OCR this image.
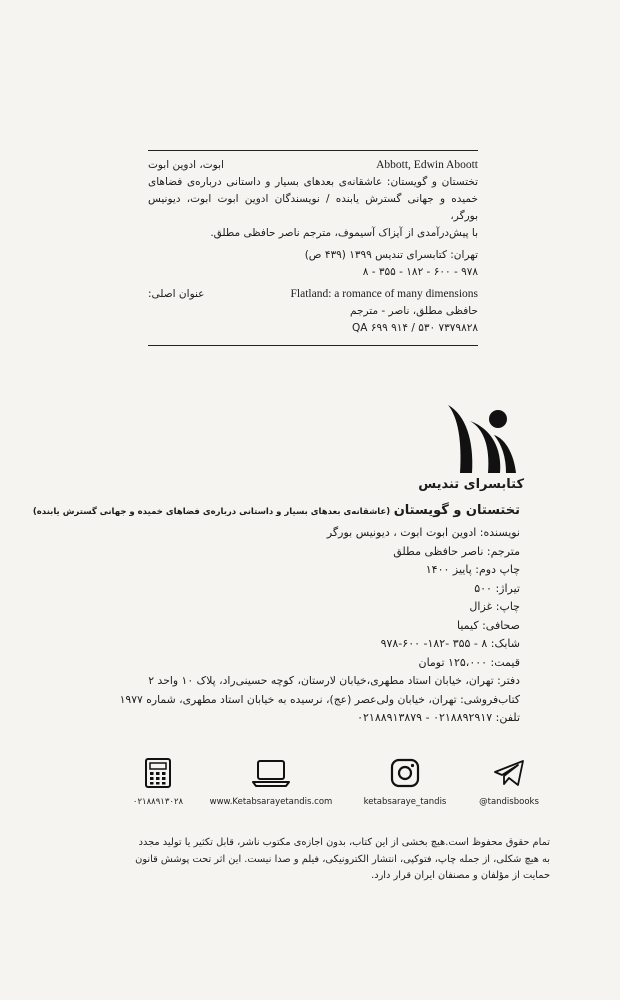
ابوت، ادوین ابوت	Abbott, Edwin Aboott
تختستان و گویستان: عاشقانه‌ی بعدهای بسیار و داستانی درباره‌ی فضاهای خمیده و جهانی گسترش یابنده / نویسندگان ادوین ابوت ابوت، دیونیس بورگر،
با پیش‌درآمدی از آیزاک آسیموف، مترجم ناصر حافظی مطلق.
تهران: کتابسرای تندیس ۱۳۹۹ (۴۳۹ ص)
۹۷۸ - ۶۰۰ - ۱۸۲ - ۳۵۵ - ۸
عنوان اصلی:	Flatland: a romance of many dimensions
حافظی مطلق، ناصر - مترجم
۷۳۷۹۸۲۸ ۵۳۰ / ۹۱۴ QA ۶۹۹
کتابسرای تندیس
تختستان و گویستان (عاشقانه‌ی بعدهای بسیار و داستانی درباره‌ی فضاهای خمیده و جهانی گسترش یابنده)
نویسنده: ادوین ابوت ابوت ، دیونیس بورگر
مترجم: ناصر حافظی مطلق
چاپ دوم: پاییز ۱۴۰۰
تیراژ: ۵۰۰
چاپ: غزال
صحافی: کیمیا
شابک: ۸ - ۳۵۵ -۱۸۲- ۶۰۰-۹۷۸
قیمت: ۱۲۵،۰۰۰ تومان
دفتر: تهران، خیابان استاد مطهری،خیابان لارستان، کوچه حسینی‌راد، پلاک ۱۰ واحد ۲
کتاب‌فروشی: تهران، خیابان ولی‌عصر (عج)، نرسیده به خیابان استاد مطهری، شماره ۱۹۷۷
تلفن: ۰۲۱۸۸۹۲۹۱۷ - ۰۲۱۸۸۹۱۳۸۷۹
۰۲۱۸۸۹۱۳۰۲۸	www.Ketabsarayetandis.com	ketabsaraye_tandis	@tandisbooks

تمام حقوق محفوظ است.هیچ بخشی از این کتاب، بدون اجازه‌ی مکتوب ناشر، قابل تکثیر یا تولید مجدد

به هیچ شکلی، از جمله چاپ، فتوکپی، انتشار الکترونیکی، فیلم و صدا نیست. این اثر تحت پوشش قانون

حمایت از مؤلفان و مصنفان ایران قرار دارد.
